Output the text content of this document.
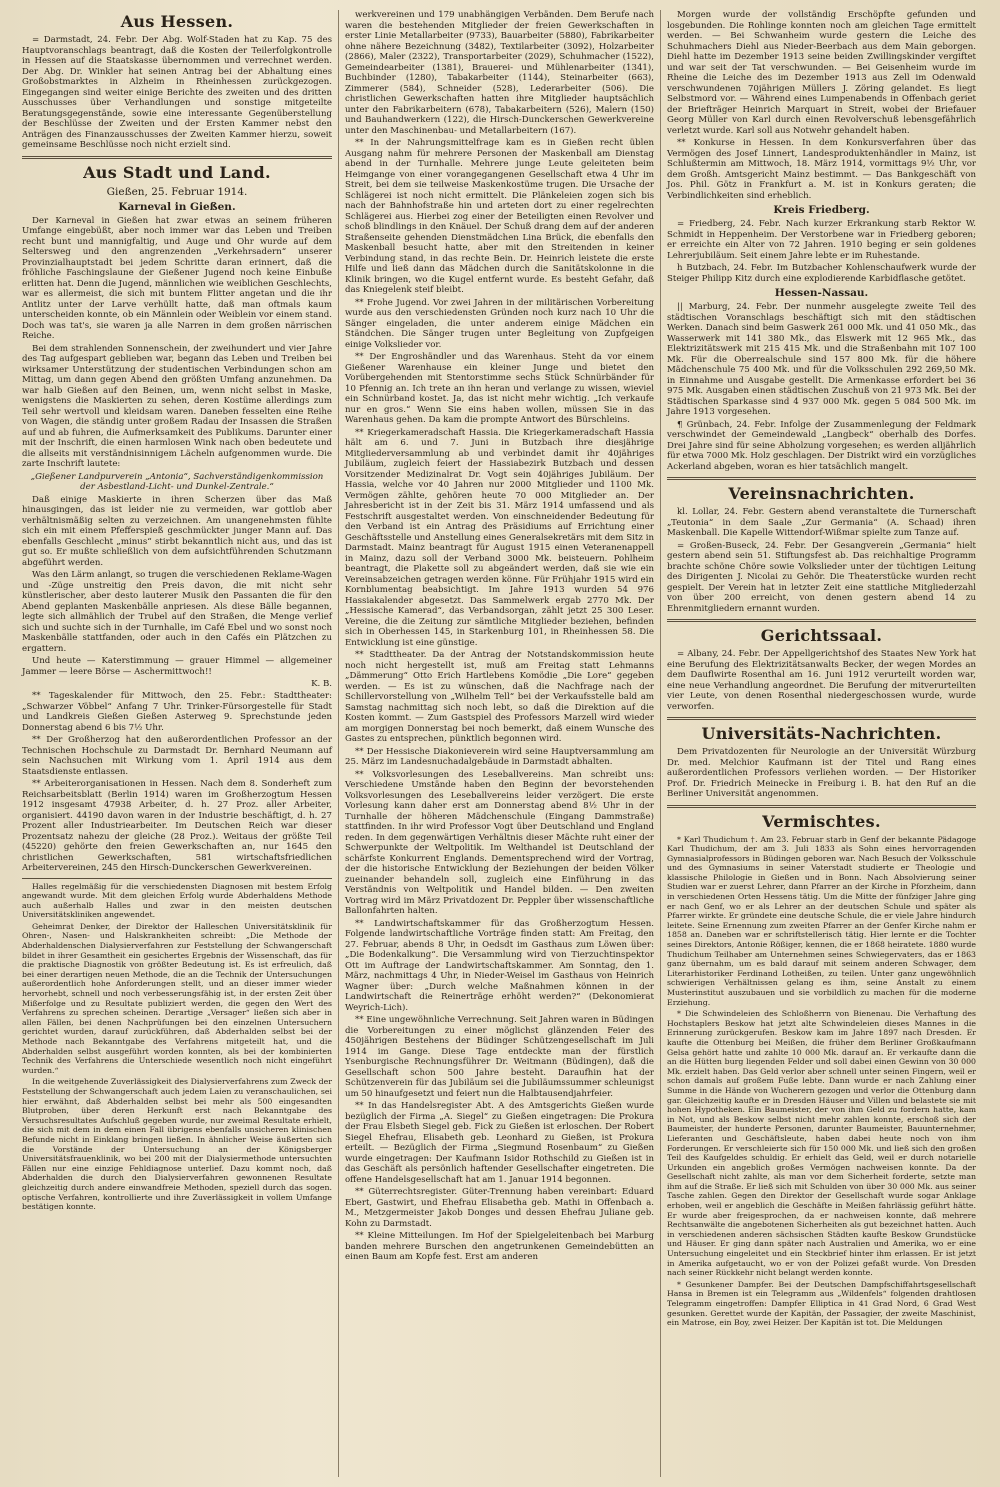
Aus Hessen.

= Darmstadt, 24. Febr. Der Abg. Wolf-Staden hat zu Kap. 75 des Hauptvoranschlags beantragt, daß die Kosten der Teilerfolgkontrolle in Hessen auf die Staatskasse übernommen und verrechnet werden. Der Abg. Dr. Winkler hat seinen Antrag bei der Abhaltung eines Großobstmarktes in Alzheim in Rheinhessen zurückgezogen. Eingegangen sind weiter einige Berichte des zweiten und des dritten Ausschusses über Verhandlungen und sonstige mitgeteilte Beratungsgegenstände, sowie eine interessante Gegenüberstellung der Beschlüsse der Zweiten und der Ersten Kammer nebst den Anträgen des Finanzausschusses der Zweiten Kammer hierzu, soweit gemeinsame Beschlüsse noch nicht erzielt sind.

Aus Stadt und Land.
Gießen, 25. Februar 1914.
Karneval in Gießen.

Der Karneval in Gießen hat zwar etwas an seinem früheren Umfange eingebüßt, aber noch immer war das Leben und Treiben recht bunt und mannigfaltig, und Auge und Ohr wurde auf dem Seltersweg und den angrenzenden „Verkehrsadern“ unserer Provinzialhauptstadt bei jedem Schritte daran erinnert, daß die fröhliche Faschingslaune der Gießener Jugend noch keine Einbuße erlitten hat. Denn die Jugend, männlichen wie weiblichen Geschlechts, war es allermeist, die sich mit buntem Flitter angetan und die ihr Antlitz unter der Larve verhüllt hatte, daß man oftmals kaum unterscheiden konnte, ob ein Männlein oder Weiblein vor einem stand. Doch was tat's, sie waren ja alle Narren in dem großen närrischen Reiche.

Bei dem strahlenden Sonnenschein, der zweihundert und vier Jahre des Tag aufgespart geblieben war, begann das Leben und Treiben bei wirksamer Unterstützung der studentischen Verbindungen schon am Mittag, um dann gegen Abend den größten Umfang anzunehmen. Da war halb Gießen auf den Beinen, um, wenn nicht selbst in Maske, wenigstens die Maskierten zu sehen, deren Kostüme allerdings zum Teil sehr wertvoll und kleidsam waren. Daneben fesselten eine Reihe von Wagen, die ständig unter großem Radau der Insassen die Straßen auf und ab fuhren, die Aufmerksamkeit des Publikums. Darunter einer mit der Inschrift, die einen harmlosen Wink nach oben bedeutete und die allseits mit verständnisinnigem Lächeln aufgenommen wurde. Die zarte Inschrift lautete:

„Gießener Landpurverein „Antonia“, Sachverständigenkommission der Asbestland-Licht- und Dunkel-Zentrale.“

Daß einige Maskierte in ihren Scherzen über das Maß hinausgingen, das ist leider nie zu vermeiden, war gottlob aber verhältnismäßig selten zu verzeichnen. Am unangenehmsten fühlte sich ein mit einem Pfefferspieß geschmückter junger Mann auf. Das ebenfalls Geschlecht „minus“ stirbt bekanntlich nicht aus, und das ist gut so. Er mußte schließlich von dem aufsichtführenden Schutzmann abgeführt werden.

Was den Lärm anlangt, so trugen die verschiedenen Reklame-Wagen und -Züge unstreitig den Preis davon, die mit nicht sehr künstlerischer, aber desto lauterer Musik den Passanten die für den Abend geplanten Maskenbälle anpriesen. Als diese Bälle begannen, legte sich allmählich der Trubel auf den Straßen, die Menge verlief sich und suchte sich in der Turnhalle, im Café Ebel und wo sonst noch Maskenbälle stattfanden, oder auch in den Cafés ein Plätzchen zu ergattern.

Und heute — Katerstimmung — grauer Himmel — allgemeiner Jammer — leere Börse — Aschermittwoch!!

K. B.

** Tageskalender für Mittwoch, den 25. Febr.: Stadttheater: „Schwarzer Vöbbel“ Anfang 7 Uhr. Trinker-Fürsorgestelle für Stadt und Landkreis Gießen Gießen Asterweg 9. Sprechstunde jeden Donnerstag abend 6 bis 7½ Uhr.

** Der Großherzog hat den außerordentlichen Professor an der Technischen Hochschule zu Darmstadt Dr. Bernhard Neumann auf sein Nachsuchen mit Wirkung vom 1. April 1914 aus dem Staatsdienste entlassen.

** Arbeiterorganisationen in Hessen. Nach dem 8. Sonderheft zum Reichsarbeitsblatt (Berlin 1914) waren im Großherzogtum Hessen 1912 insgesamt 47938 Arbeiter, d. h. 27 Proz. aller Arbeiter, organisiert. 44190 davon waren in der Industrie beschäftigt, d. h. 27 Prozent aller Industriearbeiter. Im Deutschen Reich war dieser Prozentsatz nahezu der gleiche (28 Proz.). Weitaus der größte Teil (45220) gehörte den freien Gewerkschaften an, nur 1645 den christlichen Gewerkschaften, 581 wirtschaftsfriedlichen Arbeitervereinen, 245 den Hirsch-Dunckerschen Gewerkvereinen.

Halles regelmäßig für die verschiedensten Diagnosen mit bestem Erfolg angewandt wurde. Mit dem gleichen Erfolg wurde Abderhaldens Methode auch außerhalb Halles und zwar in den meisten deutschen Universitätskliniken angewendet.

Geheimrat Denker, der Direktor der Halleschen Universitätsklinik für Ohren-, Nasen- und Halskrankheiten schreibt: „Die Methode der Abderhaldenschen Dialysierverfahren zur Feststellung der Schwangerschaft bildet in ihrer Gesamtheit ein gesichertes Ergebnis der Wissenschaft, das für die praktische Diagnostik von größter Bedeutung ist. Es ist erfreulich, daß bei einer derartigen neuen Methode, die an die Technik der Untersuchungen außerordentlich hohe Anforderungen stellt, und an dieser immer wieder hervorhebt, schnell und noch verbesserungsfähig ist, in der ersten Zeit über Mißerfolge und zu Resultate publiziert werden, die gegen den Wert des Verfahrens zu sprechen scheinen. Derartige „Versager“ ließen sich aber in allen Fällen, bei denen Nachprüfungen bei den einzelnen Untersuchern gerichtet wurden, darauf zurückführen, daß Abderhalden selbst bei der Methode nach Bekanntgabe des Verfahrens mitgeteilt hat, und die Abderhalden selbst ausgeführt worden konnten, als bei der kombinierten Technik des Verfahrens die Unterschiede wesentlich noch nicht eingeführt wurden.“

In die weitgehende Zuverlässigkeit des Dialysierverfahrens zum Zweck der Feststellung der Schwangerschaft auch jedem Laien zu veranschaulichen, sei hier erwähnt, daß Abderhalden selbst bei mehr als 500 eingesandten Blutproben, über deren Herkunft erst nach Bekanntgabe des Versuchsresultates Aufschluß gegeben wurde, nur zweimal Resultate erhielt, die sich mit dem in dem einen Fall übrigens ebenfalls unsicheren klinischen Befunde nicht in Einklang bringen ließen. In ähnlicher Weise äußerten sich die Vorstände der Untersuchung an der Königsberger Universitätsfrauenklinik, wo bei 200 mit der Dialysiermethode untersuchten Fällen nur eine einzige Fehldiagnose unterlief. Dazu kommt noch, daß Abderhalden die durch den Dialysierverfahren gewonnenen Resultate gleichzeitig durch andere einwandfreie Methoden, speziell durch das sogen. optische Verfahren, kontrollierte und ihre Zuverlässigkeit in vollem Umfange bestätigen konnte.

werkvereinen und 179 unabhängigen Verbänden. Dem Berufe nach waren die bestehenden Mitglieder der freien Gewerkschaften in erster Linie Metallarbeiter (9733), Bauarbeiter (5880), Fabrikarbeiter ohne nähere Bezeichnung (3482), Textilarbeiter (3092), Holzarbeiter (2866), Maler (2322), Transportarbeiter (2029), Schuhmacher (1522), Gemeindearbeiter (1381), Brauerei- und Mühlenarbeiter (1341), Buchbinder (1280), Tabakarbeiter (1144), Steinarbeiter (663), Zimmerer (584), Schneider (528), Lederarbeiter (506). Die christlichen Gewerkschaften hatten ihre Mitglieder hauptsächlich unter den Fabrikarbeitern (678), Tabakarbeitern (526), Malern (150) und Bauhandwerkern (122), die Hirsch-Dunckerschen Gewerkvereine unter den Maschinenbau- und Metallarbeitern (167).

** In der Nahrungsmittelfrage kam es in Gießen recht üblen Ausgang nahm für mehrere Personen der Maskenball am Dienstag abend in der Turnhalle. Mehrere junge Leute geleiteten beim Heimgange von einer vorangegangenen Gesellschaft etwa 4 Uhr im Streit, bei dem sie teilweise Maskenkostüme trugen. Die Ursache der Schlägerei ist noch nicht ermittelt. Die Plänkeleien zogen sich bis nach der Bahnhofstraße hin und arteten dort zu einer regelrechten Schlägerei aus. Hierbei zog einer der Beteiligten einen Revolver und schoß blindlings in den Knäuel. Der Schuß drang dem auf der anderen Straßenseite gehenden Dienstmädchen Lina Brück, die ebenfalls den Maskenball besucht hatte, aber mit den Streitenden in keiner Verbindung stand, in das rechte Bein. Dr. Heinrich leistete die erste Hilfe und ließ dann das Mädchen durch die Sanitätskolonne in die Klinik bringen, wo die Kugel entfernt wurde. Es besteht Gefahr, daß das Kniegelenk steif bleibt.

** Frohe Jugend. Vor zwei Jahren in der militärischen Vorbereitung wurde aus den verschiedensten Gründen noch kurz nach 10 Uhr die Sänger eingeladen, die unter anderem einige Mädchen ein Ständchen. Die Sänger trugen unter Begleitung von Zupfgeigen einige Volkslieder vor.

** Der Engroshändler und das Warenhaus. Steht da vor einem Gießener Warenhause ein kleiner Junge und bietet den Vorübergehenden mit Stentorstimme sechs Stück Schnürbänder für 10 Pfennig an. Ich trete an ihn heran und verlange zu wissen, wieviel ein Schnürband kostet. Ja, das ist nicht mehr wichtig. „Ich verkaufe nur en gros.“ Wenn Sie eins haben wollen, müssen Sie in das Warenhaus gehen. Da kam die prompte Antwort des Bürschleins.

** Kriegerkameradschaft Hassia. Die Kriegerkameradschaft Hassia hält am 6. und 7. Juni in Butzbach ihre diesjährige Mitgliederversammlung ab und verbindet damit ihr 40jähriges Jubiläum, zugleich feiert der Hassiabezirk Butzbach und dessen Vorsitzender Medizinalrat Dr. Vogt sein 40jähriges Jubiläum. Der Hassia, welche vor 40 Jahren nur 2000 Mitglieder und 1100 Mk. Vermögen zählte, gehören heute 70 000 Mitglieder an. Der Jahresbericht ist in der Zeit bis 31. März 1914 umfassend und als Festschrift ausgestaltet werden. Von einschneidender Bedeutung für den Verband ist ein Antrag des Präsidiums auf Errichtung einer Geschäftsstelle und Anstellung eines Generalsekretärs mit dem Sitz in Darmstadt. Mainz beantragt für August 1915 einen Veteranenappell in Mainz, dazu soll der Verband 3000 Mk. beisteuern. Pohlheim beantragt, die Plakette soll zu abgeändert werden, daß sie wie ein Vereinsabzeichen getragen werden könne. Für Frühjahr 1915 wird ein Kornblumentag beabsichtigt. Im Jahre 1913 wurden 54 976 Hassiakalender abgesetzt. Das Sammelwerk ergab 2770 Mk. Der „Hessische Kamerad“, das Verbandsorgan, zählt jetzt 25 300 Leser. Vereine, die die Zeitung zur sämtliche Mitglieder beziehen, befinden sich in Oberhessen 145, in Starkenburg 101, in Rheinhessen 58. Die Entwicklung ist eine günstige.

** Stadttheater. Da der Antrag der Notstandskommission heute noch nicht hergestellt ist, muß am Freitag statt Lehmanns „Dämmerung“ Otto Erich Hartlebens Komödie „Die Lore“ gegeben werden. — Es ist zu wünschen, daß die Nachfrage nach der Schillervorstellung von „Wilhelm Tell“ bei der Verkaufsstelle bald am Samstag nachmittag sich noch lebt, so daß die Direktion auf die Kosten kommt. — Zum Gastspiel des Professors Marzell wird wieder am morgigen Donnerstag bei noch bemerkt, daß einem Wunsche des Gastes zu entsprechen, pünktlich begonnen wird.

** Der Hessische Diakonieverein wird seine Hauptversammlung am 25. März im Landesnuchadalgebäude in Darmstadt abhalten.

** Volksvorlesungen des Leseballvereins. Man schreibt uns: Verschiedene Umstände haben den Beginn der bevorstehenden Volksvorlesungen des Leseballvereins leider verzögert. Die erste Vorlesung kann daher erst am Donnerstag abend 8½ Uhr in der Turnhalle der höheren Mädchenschule (Eingang Dammstraße) stattfinden. In ihr wird Professor Vogt über Deutschland und England reden. In dem gegenwärtigen Verhältnis dieser Mächte ruht einer der Schwerpunkte der Weltpolitik. Im Welthandel ist Deutschland der schärfste Konkurrent Englands. Dementsprechend wird der Vortrag, der die historische Entwicklung der Beziehungen der beiden Völker zueinander behandeln soll, zugleich eine Einführung in das Verständnis von Weltpolitik und Handel bilden. — Den zweiten Vortrag wird im März Privatdozent Dr. Peppler über wissenschaftliche Ballonfahrten halten.

** Landwirtschaftskammer für das Großherzogtum Hessen. Folgende landwirtschaftliche Vorträge finden statt: Am Freitag, den 27. Februar, abends 8 Uhr, in Oedsdt im Gasthaus zum Löwen über: „Die Bodenkalkung“. Die Versammlung wird von Tierzuchtinspektor Ott im Auftrage der Landwirtschaftskammer. Am Sonntag, den 1. März, nachmittags 4 Uhr, in Nieder-Weisel im Gasthaus von Heinrich Wagner über: „Durch welche Maßnahmen können in der Landwirtschaft die Reinerträge erhöht werden?“ (Dekonomierat Weyrich-Lich).

** Eine ungewöhnliche Verrechnung. Seit Jahren waren in Büdingen die Vorbereitungen zu einer möglichst glänzenden Feier des 450jährigen Bestehens der Büdinger Schützengesellschaft im Juli 1914 im Gange. Diese Tage entdeckte man der fürstlich Ysenburgische Rechnungsführer Dr. Weitmann (Büdingen), daß die Gesellschaft schon 500 Jahre besteht. Daraufhin hat der Schützenverein für das Jubiläum sei die Jubiläumssummer schleunigst um 50 hinaufgesetzt und feiert nun die Halbtausendjahrfeier.

** In das Handelsregister Abt. A des Amtsgerichts Gießen wurde bezüglich der Firma „A. Siegel“ zu Gießen eingetragen: Die Prokura der Frau Elsbeth Siegel geb. Fick zu Gießen ist erloschen. Der Robert Siegel Ehefrau, Elisabeth geb. Leonhard zu Gießen, ist Prokura erteilt. — Bezüglich der Firma „Siegmund Rosenbaum“ zu Gießen wurde eingetragen: Der Kaufmann Isidor Rothschild zu Gießen ist in das Geschäft als persönlich haftender Gesellschafter eingetreten. Die offene Handelsgesellschaft hat am 1. Januar 1914 begonnen.

** Güterrechtsregister. Güter-Trennung haben vereinbart: Eduard Ebert, Gastwirt, und Ehefrau Elisabetha geb. Mathi in Offenbach a. M., Metzgermeister Jakob Donges und dessen Ehefrau Juliane geb. Kohn zu Darmstadt.

** Kleine Mitteilungen. Im Hof der Spielgeleitenbach bei Marburg banden mehrere Burschen den angetrunkenen Gemeindebütten an einen Baum am Kopfe fest. Erst am anderen

Morgen wurde der vollständig Erschöpfte gefunden und losgebunden. Die Rohlinge konnten noch am gleichen Tage ermittelt werden. — Bei Schwanheim wurde gestern die Leiche des Schuhmachers Diehl aus Nieder-Beerbach aus dem Main geborgen. Diehl hatte im Dezember 1913 seine beiden Zwillingskinder vergiftet und war seit der Tat verschwunden. — Bei Geisenheim wurde im Rheine die Leiche des im Dezember 1913 aus Zell im Odenwald verschwundenen 70jährigen Müllers J. Zöring gelandet. Es liegt Selbstmord vor. — Während eines Lumpenabends in Offenbach geriet der Briefträger Heinrich Marquart in Streit, wobei der Briefauer Georg Müller von Karl durch einen Revolverschuß lebensgefährlich verletzt wurde. Karl soll aus Notwehr gehandelt haben.

** Konkurse in Hessen. In dem Konkursverfahren über das Vermögen des Josef Linnert, Landesproduktenhändler in Mainz, ist Schlußtermin am Mittwoch, 18. März 1914, vormittags 9½ Uhr, vor dem Großh. Amtsgericht Mainz bestimmt. — Das Bankgeschäft von Jos. Phil. Götz in Frankfurt a. M. ist in Konkurs geraten; die Verbindlichkeiten sind erheblich.

Kreis Friedberg.

= Friedberg, 24. Febr. Nach kurzer Erkrankung starb Rektor W. Schmidt in Heppenheim. Der Verstorbene war in Friedberg geboren; er erreichte ein Alter von 72 Jahren. 1910 beging er sein goldenes Lehrerjubiläum. Seit einem Jahre lebte er im Ruhestande.

h Butzbach, 24. Febr. Im Butzbacher Kohlenschaufwerk wurde der Steiger Philipp Kitz durch eine explodierende Karbidflasche getötet.

Hessen-Nassau.

|| Marburg, 24. Febr. Der nunmehr ausgelegte zweite Teil des städtischen Voranschlags beschäftigt sich mit den städtischen Werken. Danach sind beim Gaswerk 261 000 Mk. und 41 050 Mk., das Wasserwerk mit 141 380 Mk., das Elswerk mit 12 965 Mk., das Elektrizitätswerk mit 215 415 Mk. und die Straßenbahn mit 107 100 Mk. Für die Oberrealschule sind 157 800 Mk. für die höhere Mädchenschule 75 400 Mk. und für die Volksschulen 292 269,50 Mk. in Einnahme und Ausgabe gestellt. Die Armenkasse erfordert bei 36 975 Mk. Ausgaben einen städtischen Zuschuß von 21 973 Mk. Bei der Städtischen Sparkasse sind 4 937 000 Mk. gegen 5 084 500 Mk. im Jahre 1913 vorgesehen.

¶ Grünbach, 24. Febr. Infolge der Zusammenlegung der Feldmark verschwindet der Gemeindewald „Langbeck“ oberhalb des Dorfes. Drei Jahre sind für seine Abholzung vorgesehen; es werden alljährlich für etwa 7000 Mk. Holz geschlagen. Der Distrikt wird ein vorzügliches Ackerland abgeben, woran es hier tatsächlich mangelt.

Vereinsnachrichten.

kl. Lollar, 24. Febr. Gestern abend veranstaltete die Turnerschaft „Teutonia“ in dem Saale „Zur Germania“ (A. Schaad) ihren Maskenball. Die Kapelle Wittendorf-Wißmar spielte zum Tanze auf.

= Großen-Buseck, 24. Febr. Der Gesangverein „Germania“ hielt gestern abend sein 51. Stiftungsfest ab. Das reichhaltige Programm brachte schöne Chöre sowie Volkslieder unter der tüchtigen Leitung des Dirigenten J. Nicolai zu Gehör. Die Theaterstücke wurden recht gespielt. Der Verein hat in letzter Zeit eine stattliche Mitgliederzahl von über 200 erreicht, von denen gestern abend 14 zu Ehrenmitgliedern ernannt wurden.

Gerichtssaal.

= Albany, 24. Febr. Der Appellgerichtshof des Staates New York hat eine Berufung des Elektrizitätsanwalts Becker, der wegen Mordes an dem Dauflwirte Rosenthal am 16. Juni 1912 verurteilt worden war, eine neue Verhandlung angeordnet. Die Berufung der mitverurteilten vier Leute, von denen Rosenthal niedergeschossen wurde, wurde verworfen.

Universitäts-Nachrichten.

Dem Privatdozenten für Neurologie an der Universität Würzburg Dr. med. Melchior Kaufmann ist der Titel und Rang eines außerordentlichen Professors verliehen worden. — Der Historiker Prof. Dr. Friedrich Meinecke in Freiburg i. B. hat den Ruf an die Berliner Universität angenommen.

Vermischtes.

* Karl Thudichum †. Am 23. Februar starb in Genf der bekannte Pädagoge Karl Thudichum, der am 3. Juli 1833 als Sohn eines hervorragenden Gymnasialprofessors in Büdingen geboren war. Nach Besuch der Volksschule und des Gymnasiums in seiner Vaterstadt studierte er Theologie und klassische Philologie in Gießen und in Bonn. Nach Absolvierung seiner Studien war er zuerst Lehrer, dann Pfarrer an der Kirche in Pforzheim, dann in verschiedenen Orten Hessens tätig. Um die Mitte der fünfziger Jahre ging er nach Genf, wo er als Lehrer an der deutschen Schule und später als Pfarrer wirkte. Er gründete eine deutsche Schule, die er viele Jahre hindurch leitete. Seine Ernennung zum zweiten Pfarrer an der Genfer Kirche nahm er 1858 an. Daneben war er schriftstellerisch tätig. Hier lernte er die Tochter seines Direktors, Antonie Rößiger, kennen, die er 1868 heiratete. 1880 wurde Thudichum Teilhaber am Unternehmen seines Schwiegervaters, das er 1863 ganz übernahm, um es bald darauf mit seinem anderen Schwager, dem Literarhistoriker Ferdinand Lotheißen, zu teilen. Unter ganz ungewöhnlich schwierigen Verhältnissen gelang es ihm, seine Anstalt zu einem Musterinstitut auszubauen und sie vorbildlich zu machen für die moderne Erziehung.

* Die Schwindeleien des Schloßherrn von Bienenau. Die Verhaftung des Hochstaplers Beskow hat jetzt alte Schwindeleien dieses Mannes in die Erinnerung zurückgerufen. Beskow kam im Jahre 1897 nach Dresden. Er kaufte die Ottenburg bei Meißen, die früher dem Berliner Großkaufmann Gelsa gehört hatte und zahlte 10 000 Mk. darauf an. Er verkaufte dann die an die Hütten burg liegenden Felder und soll dabei einen Gewinn von 30 000 Mk. erzielt haben. Das Geld verlor aber schnell unter seinen Fingern, weil er schon damals auf großem Fuße lebte. Dann wurde er nach Zahlung einer Summe in die Hände von Wucherern gezogen und verlor die Ottenburg dann gar. Gleichzeitig kaufte er in Dresden Häuser und Villen und belastete sie mit hohen Hypotheken. Ein Baumeister, der von ihm Geld zu fordern hatte, kam in Not, und als Beskow selbst nicht mehr zahlen konnte, erschoß sich der Baumeister, der hunderte Personen, darunter Baumeister, Bauunternehmer, Lieferanten und Geschäftsleute, haben dabei heute noch von ihm Forderungen. Er verschleierte sich für 150 000 Mk. und ließ sich den großen Teil des Kaufgeldes schuldig. Er erhielt das Geld, weil er durch notarielle Urkunden ein angeblich großes Vermögen nachweisen konnte. Da der Gesellschaft nicht zahlte, als man vor dem Sicherheit forderte, setzte man ihm auf die Straße. Er ließ sich mit Schulden von über 30 000 Mk. aus seiner Tasche zahlen. Gegen den Direktor der Gesellschaft wurde sogar Anklage erhoben, weil er angeblich die Geschäfte in Meißen fahrlässig geführt hätte. Er wurde aber freigesprochen, da er nachweisen konnte, daß mehrere Rechtsanwälte die angebotenen Sicherheiten als gut bezeichnet hatten. Auch in verschiedenen anderen sächsischen Städten kaufte Beskow Grundstücke und Häuser. Er ging dann später nach Australien und Amerika, wo er eine Untersuchung eingeleitet und ein Steckbrief hinter ihm erlassen. Er ist jetzt in Amerika aufgetaucht, wo er von der Polizei gefaßt wurde. Von Dresden nach seiner Rückkehr nicht belangt werden konnte.

* Gesunkener Dampfer. Bei der Deutschen Dampfschiffahrtsgesellschaft Hansa in Bremen ist ein Telegramm aus „Wildenfels“ folgenden drahtlosen Telegramm eingetroffen: Dampfer Elliptica in 41 Grad Nord, 6 Grad West gesunken. Gerettet wurde der Kapitän, der Passagier, der zweite Maschinist, ein Matrose, ein Boy, zwei Heizer. Der Kapitän ist tot. Die Meldungen
